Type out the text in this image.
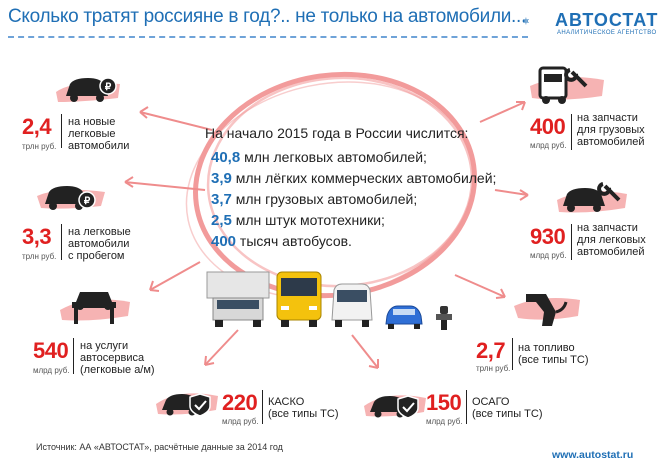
Сколько тратят россияне в год?.. не только на автомобили... АВТОСТАТ
АНАЛИТИЧЕСКОЕ АГЕНТСТВО
На начало 2015 года в России числится:
40,8 млн легковых автомобилей;
3,9 млн лёгких коммерческих автомобилей;
3,7 млн грузовых автомобилей;
2,5 млн штук мототехники;
400 тысяч автобусов.
₽
₽
2,4
трлн руб.
на новые
легковые
автомобили
3,3
трлн руб.
на легковые
автомобили
с пробегом
540
млрд руб.
на услуги
автосервиса
(легковые а/м)
220
млрд руб.
КАСКО
(все типы ТС)	150
млрд руб.
ОСАГО
(все типы ТС)
2,7
трлн руб.
на топливо
(все типы ТС)
930
млрд руб.
на запчасти
для легковых
автомобилей
400
млрд руб.
на запчасти
для грузовых
автомобилей
Источник: АА «АВТОСТАТ», расчётные данные за 2014 год
www.autostat.ru
